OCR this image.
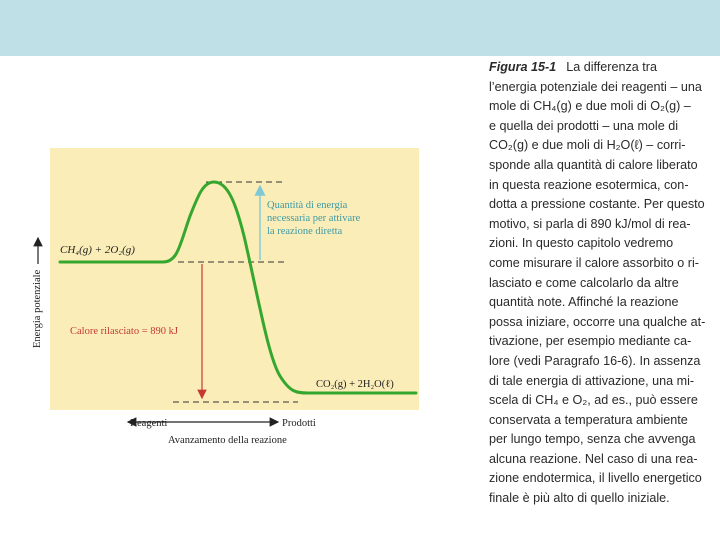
Energia potenziale
Reagenti	Prodotti
Avanzamento della reazione
Quantità di energia
necessaria per attivare
la reazione diretta
Calore rilasciato = 890 kJ
CH₄(g) + 2O₂(g)
CO₂(g) + 2H₂O(ℓ)
Figura 15-1 La differenza tra
l’energia potenziale dei reagenti – una
mole di CH₄(g) e due moli di O₂(g) –
e quella dei prodotti – una mole di
CO₂(g) e due moli di H₂O(ℓ) – corri-
sponde alla quantità di calore liberato
in questa reazione esotermica, con-
dotta a pressione costante. Per questo
motivo, si parla di 890 kJ/mol di rea-
zioni. In questo capitolo vedremo
come misurare il calore assorbito o ri-
lasciato e come calcolarlo da altre
quantità note. Affinché la reazione
possa iniziare, occorre una qualche at-
tivazione, per esempio mediante ca-
lore (vedi Paragrafo 16-6). In assenza
di tale energia di attivazione, una mi-
scela di CH₄ e O₂, ad es., può essere
conservata a temperatura ambiente
per lungo tempo, senza che avvenga
alcuna reazione. Nel caso di una rea-
zione endotermica, il livello energetico
finale è più alto di quello iniziale.
